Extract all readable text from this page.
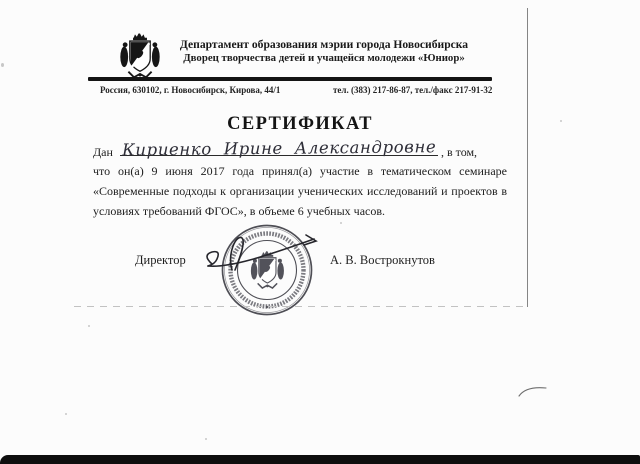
Департамент образования мэрии города Новосибирска
Дворец творчества детей и учащейся молодежи «Юниор»
Россия, 630102, г. Новосибирск, Кирова, 44/1	тел. (383) 217-86-87, тел./факс 217-91-32
СЕРТИФИКАТ
Дан Кириенко Ирине Александровне , в том,
что он(а) 9 июня 2017 года принял(а) участие в тематическом семинаре
«Современные подходы к организации ученических исследований и проектов в
условиях требований ФГОС», в объеме 6 учебных часов.
Директор	А. В. Вострокнутов
